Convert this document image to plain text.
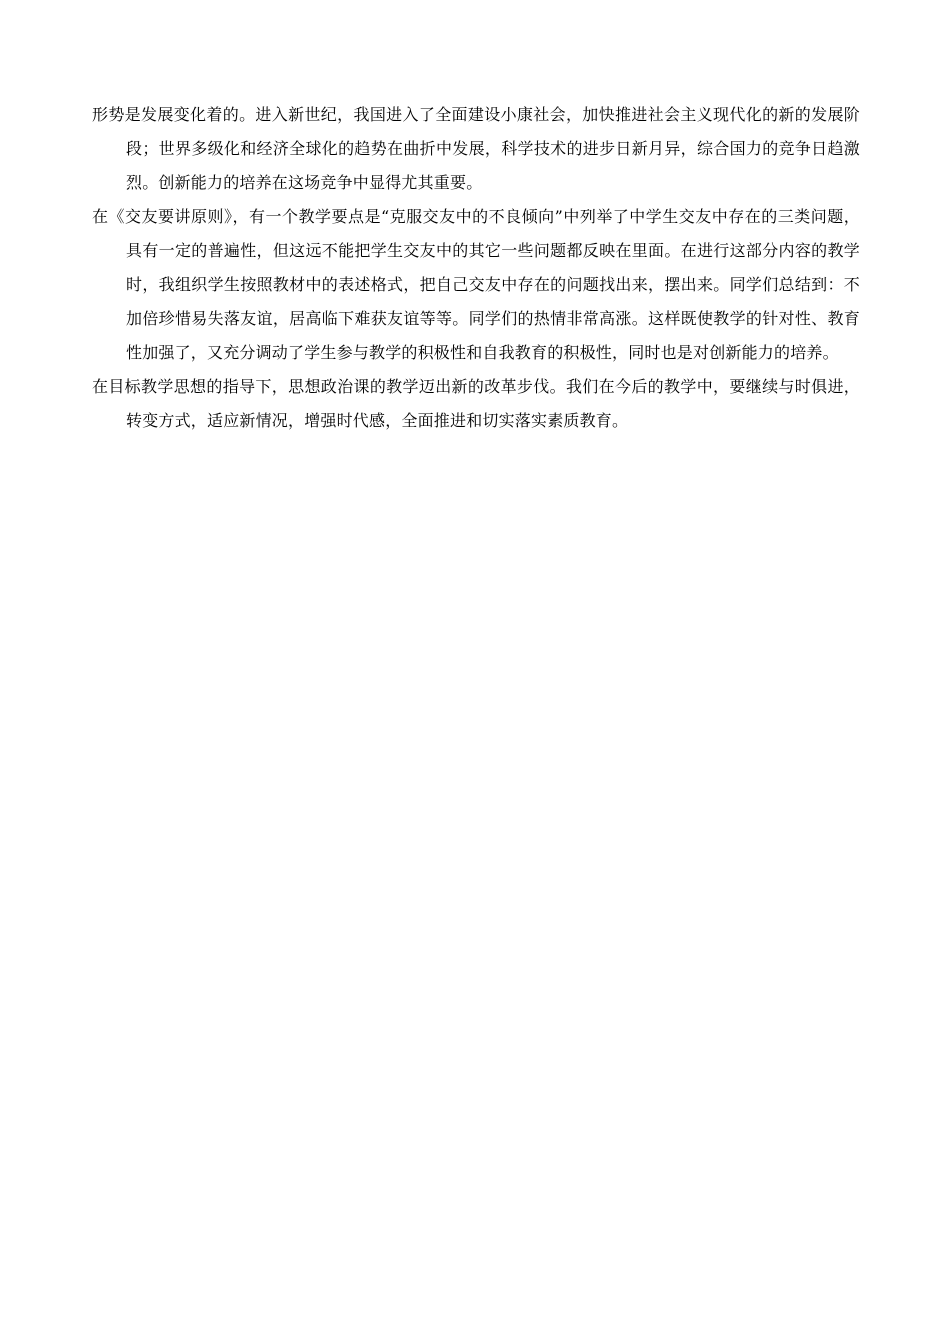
形势是发展变化着的。进入新世纪，我国进入了全面建设小康社会，加快推进社会主义现代化的新的发展阶段；世界多级化和经济全球化的趋势在曲折中发展，科学技术的进步日新月异，综合国力的竞争日趋激烈。创新能力的培养在这场竞争中显得尤其重要。

在《交友要讲原则》，有一个教学要点是“克服交友中的不良倾向”中列举了中学生交友中存在的三类问题，具有一定的普遍性，但这远不能把学生交友中的其它一些问题都反映在里面。在进行这部分内容的教学时，我组织学生按照教材中的表述格式，把自己交友中存在的问题找出来，摆出来。同学们总结到：不加倍珍惜易失落友谊，居高临下难获友谊等等。同学们的热情非常高涨。这样既使教学的针对性、教育性加强了，又充分调动了学生参与教学的积极性和自我教育的积极性，同时也是对创新能力的培养。

在目标教学思想的指导下，思想政治课的教学迈出新的改革步伐。我们在今后的教学中，要继续与时俱进，转变方式，适应新情况，增强时代感，全面推进和切实落实素质教育。
